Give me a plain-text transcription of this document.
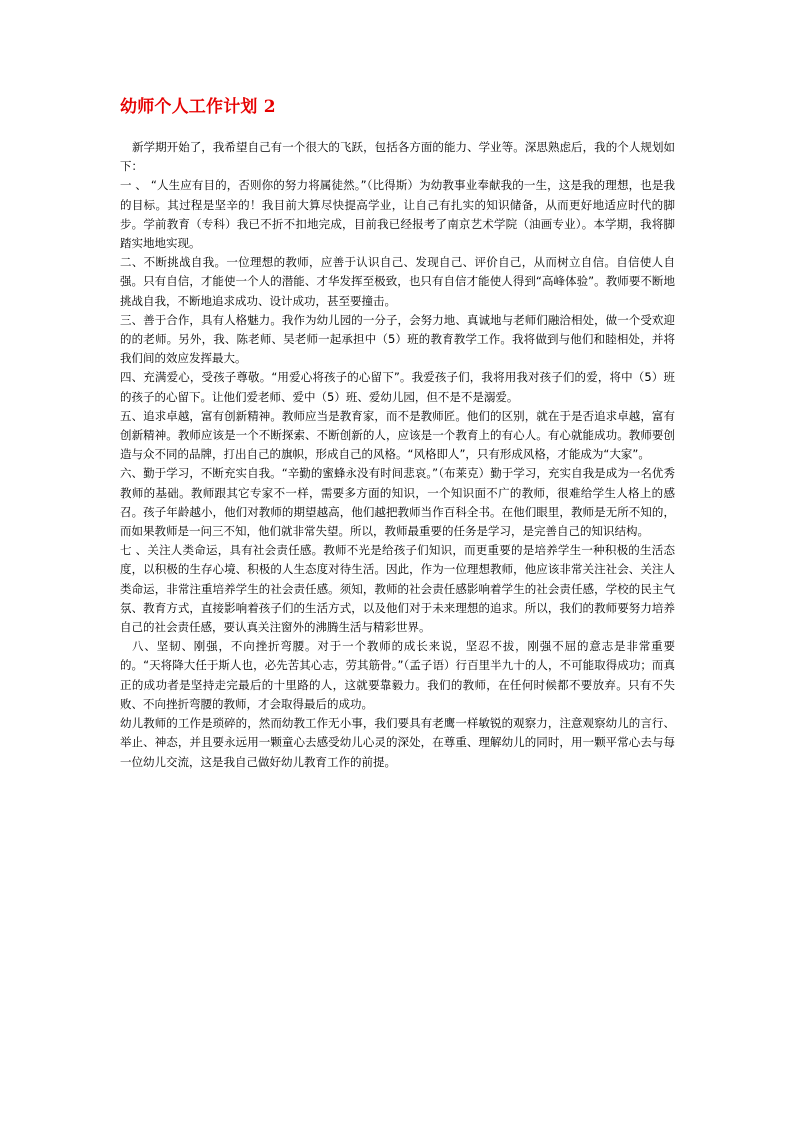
幼师个人工作计划 2

新学期开始了，我希望自己有一个很大的飞跃，包括各方面的能力、学业等。深思熟虑后，我的个人规划如下：

一 、 “人生应有目的，否则你的努力将属徒然。”（比得斯）为幼教事业奉献我的一生，这是我的理想，也是我的目标。其过程是坚辛的！我目前大算尽快提高学业，让自己有扎实的知识储备，从而更好地适应时代的脚步。学前教育（专科）我已不折不扣地完成，目前我已经报考了南京艺术学院（油画专业）。本学期，我将脚踏实地地实现。

二、不断挑战自我。一位理想的教师，应善于认识自己、发现自己、评价自己，从而树立自信。自信使人自强。只有自信，才能使一个人的潜能、才华发挥至极致，也只有自信才能使人得到“高峰体验”。教师要不断地挑战自我，不断地追求成功、设计成功，甚至要撞击。

三、善于合作，具有人格魅力。我作为幼儿园的一分子，会努力地、真诚地与老师们融洽相处，做一个受欢迎的的老师。另外，我、陈老师、吴老师一起承担中（5）班的教育教学工作。我将做到与他们和睦相处，并将我们间的效应发挥最大。

四、充满爱心，受孩子尊敬。“用爱心将孩子的心留下”。我爱孩子们，我将用我对孩子们的爱，将中（5）班的孩子的心留下。让他们爱老师、爱中（5）班、爱幼儿园，但不是不是溺爱。

五、追求卓越，富有创新精神。教师应当是教育家，而不是教师匠。他们的区别，就在于是否追求卓越，富有创新精神。教师应该是一个不断探索、不断创新的人，应该是一个教育上的有心人。有心就能成功。教师要创造与众不同的品牌，打出自己的旗帜，形成自己的风格。“风格即人”，只有形成风格，才能成为“大家”。

六、勤于学习，不断充实自我。“辛勤的蜜蜂永没有时间悲哀。”（布莱克）勤于学习，充实自我是成为一名优秀教师的基础。教师跟其它专家不一样，需要多方面的知识，一个知识面不广的教师，很难给学生人格上的感召。孩子年龄越小，他们对教师的期望越高，他们越把教师当作百科全书。在他们眼里，教师是无所不知的，而如果教师是一问三不知，他们就非常失望。所以，教师最重要的任务是学习，是完善自己的知识结构。

七 、关注人类命运，具有社会责任感。教师不光是给孩子们知识，而更重要的是培养学生一种积极的生活态度，以积极的生存心境、积极的人生态度对待生活。因此，作为一位理想教师，他应该非常关注社会、关注人类命运，非常注重培养学生的社会责任感。须知，教师的社会责任感影响着学生的社会责任感，学校的民主气氛、教育方式，直接影响着孩子们的生活方式，以及他们对于未来理想的追求。所以，我们的教师要努力培养自己的社会责任感，要认真关注窗外的沸腾生活与精彩世界。

八、坚韧、刚强，不向挫折弯腰。对于一个教师的成长来说，坚忍不拔，刚强不屈的意志是非常重要的。“天将降大任于斯人也，必先苦其心志，劳其筋骨。”（孟子语）行百里半九十的人，不可能取得成功；而真正的成功者是坚持走完最后的十里路的人，这就要靠毅力。我们的教师，在任何时候都不要放弃。只有不失败、不向挫折弯腰的教师，才会取得最后的成功。

幼儿教师的工作是琐碎的，然而幼教工作无小事，我们要具有老鹰一样敏锐的观察力，注意观察幼儿的言行、举止、神态，并且要永远用一颗童心去感受幼儿心灵的深处，在尊重、理解幼儿的同时，用一颗平常心去与每一位幼儿交流，这是我自己做好幼儿教育工作的前提。
